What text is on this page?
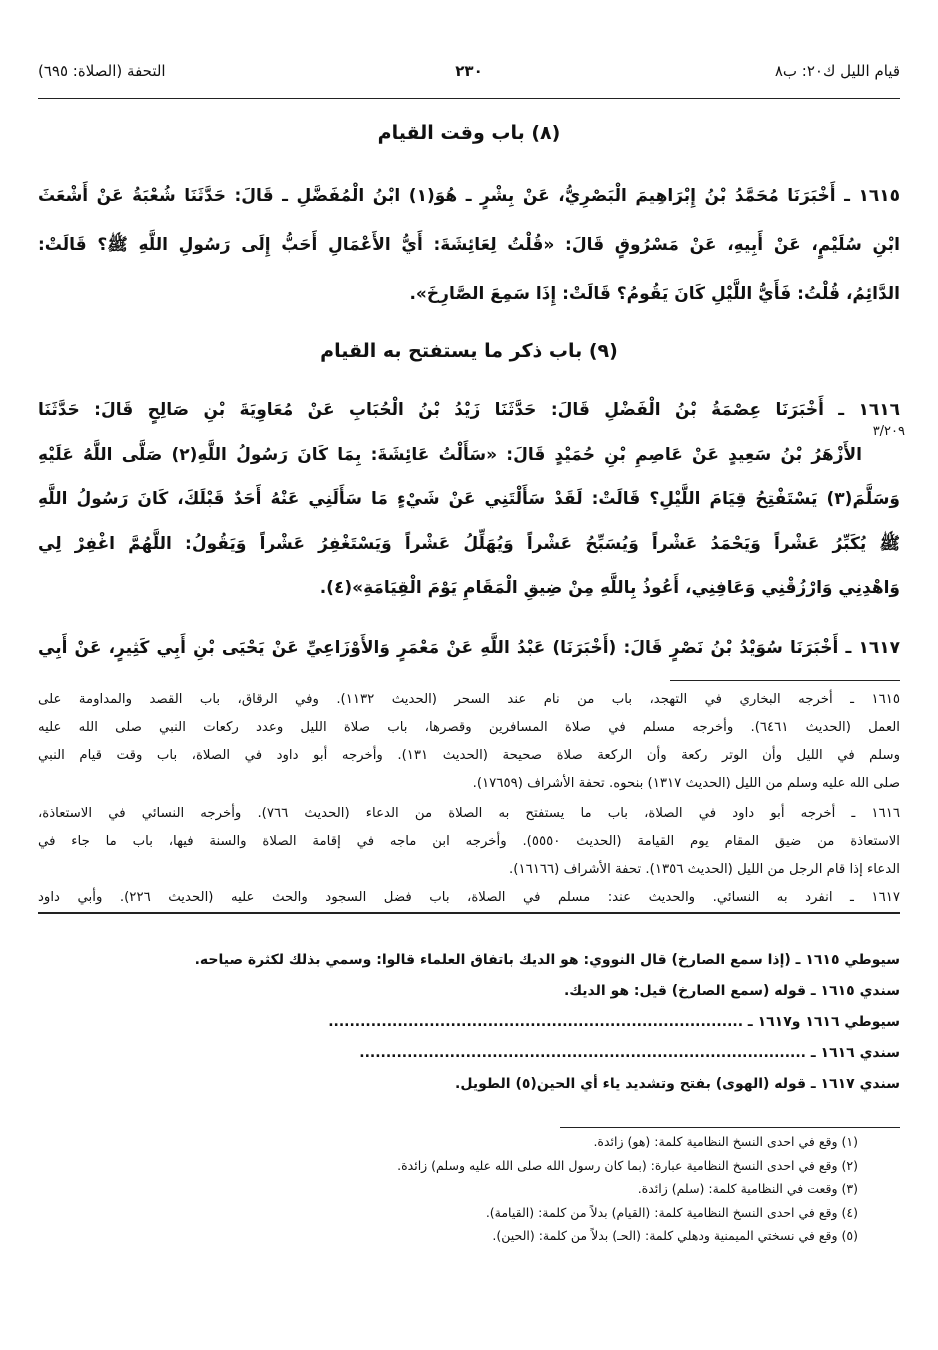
قيام الليل ك٢٠: ب٨
٢٣٠
التحفة (الصلاة: ٦٩٥)
(٨) باب وقت القيام
١٦١٥ ـ أَخْبَرَنَا مُحَمَّدُ بْنُ إِبْرَاهِيمَ الْبَصْرِيُّ، عَنْ بِشْرٍ ـ هُوَ(١) ابْنُ الْمُفَضَّلِ ـ قَالَ: حَدَّثَنَا شُعْبَةُ عَنْ أَشْعَثَ
ابْنِ سُلَيْمٍ، عَنْ أَبِيهِ، عَنْ مَسْرُوقٍ قَالَ: «قُلْتُ لِعَائِشَةَ: أَيُّ الأَعْمَالِ أَحَبُّ إِلَى رَسُولِ اللَّهِ ﷺ؟ قَالَتْ:
الدَّائِمُ، قُلْتُ: فَأَيُّ اللَّيْلِ كَانَ يَقُومُ؟ قَالَتْ: إِذَا سَمِعَ الصَّارِخَ».
(٩) باب ذكر ما يستفتح به القيام
١٦١٦ ـ أَخْبَرَنَا عِصْمَةُ بْنُ الْفَضْلِ قَالَ: حَدَّثَنَا زَيْدُ بْنُ الْحُبَابِ عَنْ مُعَاوِيَةَ بْنِ صَالِحٍ قَالَ: حَدَّثَنَا
الأَزْهَرُ بْنُ سَعِيدٍ عَنْ عَاصِمِ بْنِ حُمَيْدٍ قَالَ: «سَأَلْتُ عَائِشَةَ: بِمَا كَانَ رَسُولُ اللَّهِ(٢) صَلَّى اللَّهُ عَلَيْهِ
وَسَلَّمَ(٣) يَسْتَفْتِحُ قِيَامَ اللَّيْلِ؟ قَالَتْ: لَقَدْ سَأَلْتَنِي عَنْ شَيْءٍ مَا سَأَلَنِي عَنْهُ أَحَدٌ قَبْلَكَ، كَانَ رَسُولُ اللَّهِ
ﷺ يُكَبِّرُ عَشْراً وَيَحْمَدُ عَشْراً وَيُسَبِّحُ عَشْراً وَيُهَلِّلُ عَشْراً وَيَسْتَغْفِرُ عَشْراً وَيَقُولُ: اللَّهُمَّ اغْفِرْ لِي
وَاهْدِنِي وَارْزُقْنِي وَعَافِنِي، أَعُوذُ بِاللَّهِ مِنْ ضِيقِ الْمَقَامِ يَوْمَ الْقِيَامَةِ»(٤).
٣/٢٠٩
١٦١٧ ـ أَخْبَرَنَا سُوَيْدُ بْنُ نَصْرٍ قَالَ: (أَخْبَرَنَا) عَبْدُ اللَّهِ عَنْ مَعْمَرٍ وَالأَوْزَاعِيِّ عَنْ يَحْيَى بْنِ أَبِي كَثِيرٍ، عَنْ أَبِي
١٦١٥ ـ أخرجه البخاري في التهجد، باب من نام عند السحر (الحديث ١١٣٢). وفي الرقاق، باب القصد والمداومة على
العمل (الحديث ٦٤٦١). وأخرجه مسلم في صلاة المسافرين وقصرها، باب صلاة الليل وعدد ركعات النبي صلى الله عليه
وسلم في الليل وأن الوتر ركعة وأن الركعة صلاة صحيحة (الحديث ١٣١). وأخرجه أبو داود في الصلاة، باب وقت قيام النبي
صلى الله عليه وسلم من الليل (الحديث ١٣١٧) بنحوه. تحفة الأشراف (١٧٦٥٩).
١٦١٦ ـ أخرجه أبو داود في الصلاة، باب ما يستفتح به الصلاة من الدعاء (الحديث ٧٦٦). وأخرجه النسائي في الاستعاذة،
الاستعاذة من ضيق المقام يوم القيامة (الحديث ٥٥٥٠). وأخرجه ابن ماجه في إقامة الصلاة والسنة فيها، باب ما جاء في
الدعاء إذا قام الرجل من الليل (الحديث ١٣٥٦). تحفة الأشراف (١٦١٦٦).
١٦١٧ ـ انفرد به النسائي. والحديث عند: مسلم في الصلاة، باب فضل السجود والحث عليه (الحديث ٢٢٦). وأبي داود
سيوطي ١٦١٥ ـ (إذا سمع الصارخ) قال النووي: هو الديك باتفاق العلماء قالوا: وسمي بذلك لكثرة صياحه.
سندي ١٦١٥ ـ قوله (سمع الصارخ) قيل: هو الديك.
سيوطي ١٦١٦ و١٦١٧ ـ ..............................................................................
سندي ١٦١٦ ـ ....................................................................................
سندي ١٦١٧ ـ قوله (الهوى) بفتح وتشديد ياء أي الحين(٥) الطويل.
(١) وقع في احدى النسخ النظامية كلمة: (هو) زائدة.
(٢) وقع في احدى النسخ النظامية عبارة: (بما كان رسول الله صلى الله عليه وسلم) زائدة.
(٣) وقعت في النظامية كلمة: (سلم) زائدة.
(٤) وقع في احدى النسخ النظامية كلمة: (القيام) بدلاً من كلمة: (القيامة).
(٥) وقع في نسختي الميمنية ودهلي كلمة: (الحـ) بدلاً من كلمة: (الحين).
